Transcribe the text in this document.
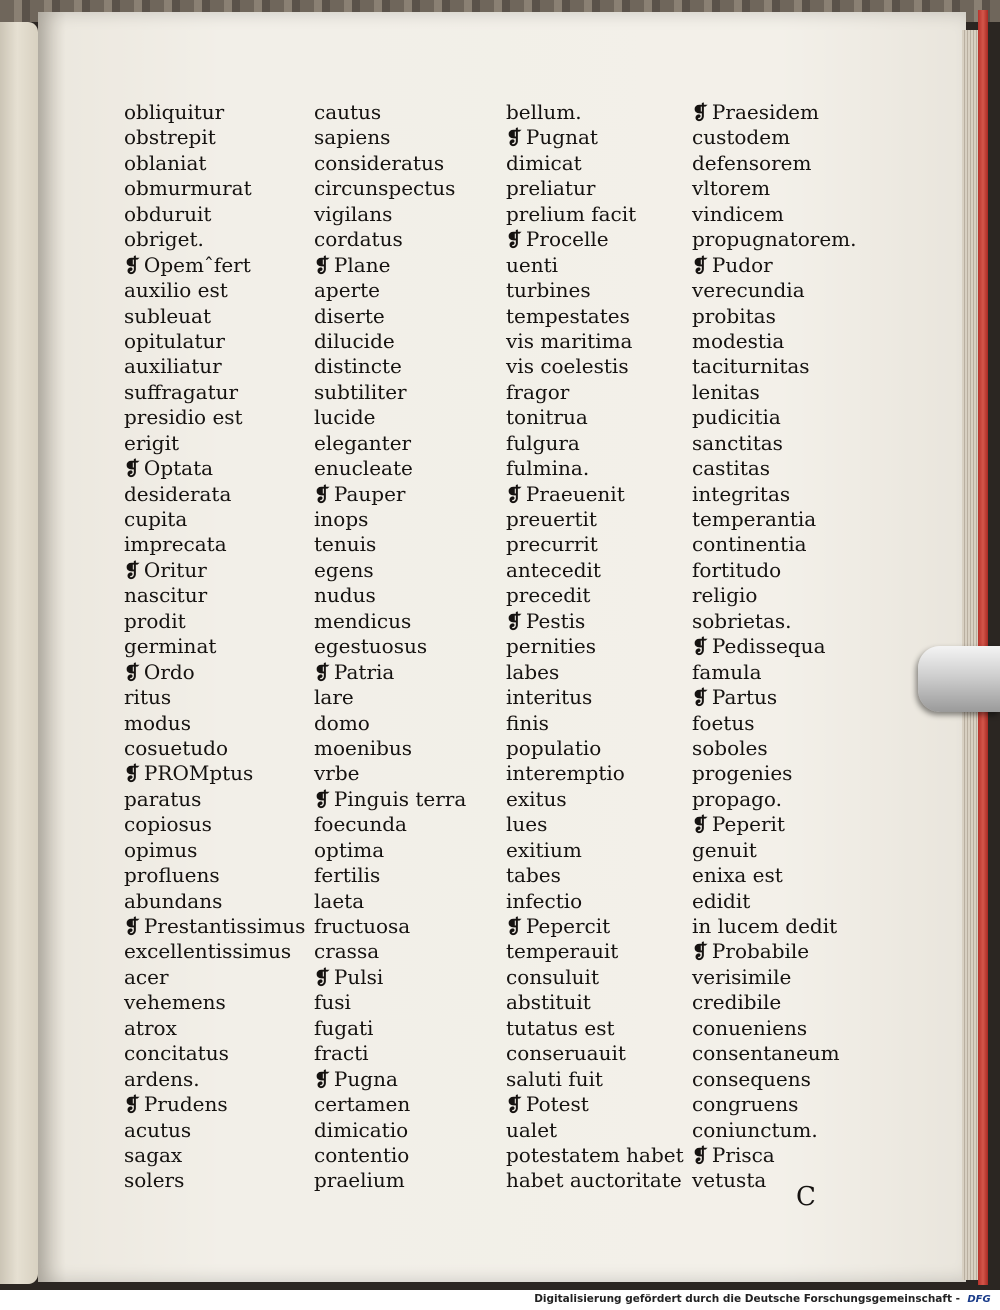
obliquitur
obstrepit
oblaniat
obmurmurat
obduruit
obriget.
❡ Opemˆfert
auxilio est
subleuat
opitulatur
auxiliatur
suffragatur
presidio est
erigit
❡ Optata
desiderata
cupita
imprecata
❡ Oritur
nascitur
prodit
germinat
❡ Ordo
ritus
modus
cosuetudo
❡ PROMptus
paratus
copiosus
opimus
profluens
abundans
❡ Prestantissimus
excellentissimus
acer
vehemens
atrox
concitatus
ardens.
❡ Prudens
acutus
sagax
solers
cautus
sapiens
consideratus
circunspectus
vigilans
cordatus
❡ Plane
aperte
diserte
dilucide
distincte
subtiliter
lucide
eleganter
enucleate
❡ Pauper
inops
tenuis
egens
nudus
mendicus
egestuosus
❡ Patria
lare
domo
moenibus
vrbe
❡ Pinguis terra
foecunda
optima
fertilis
laeta
fructuosa
crassa
❡ Pulsi
fusi
fugati
fracti
❡ Pugna
certamen
dimicatio
contentio
praelium
bellum.
❡ Pugnat
dimicat
preliatur
prelium facit
❡ Procelle
uenti
turbines
tempestates
vis maritima
vis coelestis
fragor
tonitrua
fulgura
fulmina.
❡ Praeuenit
preuertit
precurrit
antecedit
precedit
❡ Pestis
pernities
labes
interitus
finis
populatio
interemptio
exitus
lues
exitium
tabes
infectio
❡ Pepercit
temperauit
consuluit
abstituit
tutatus est
conseruauit
saluti fuit
❡ Potest
ualet
potestatem habet
habet auctoritate
❡ Praesidem
custodem
defensorem
vltorem
vindicem
propugnatorem.
❡ Pudor
verecundia
probitas
modestia
taciturnitas
lenitas
pudicitia
sanctitas
castitas
integritas
temperantia
continentia
fortitudo
religio
sobrietas.
❡ Pedissequa
famula
❡ Partus
foetus
soboles
progenies
propago.
❡ Peperit
genuit
enixa est
edidit
in lucem dedit
❡ Probabile
verisimile
credibile
conueniens
consentaneum
consequens
congruens
coniunctum.
❡ Prisca
vetusta
C
Digitalisierung gefördert durch die Deutsche Forschungsgemeinschaft - DFG
